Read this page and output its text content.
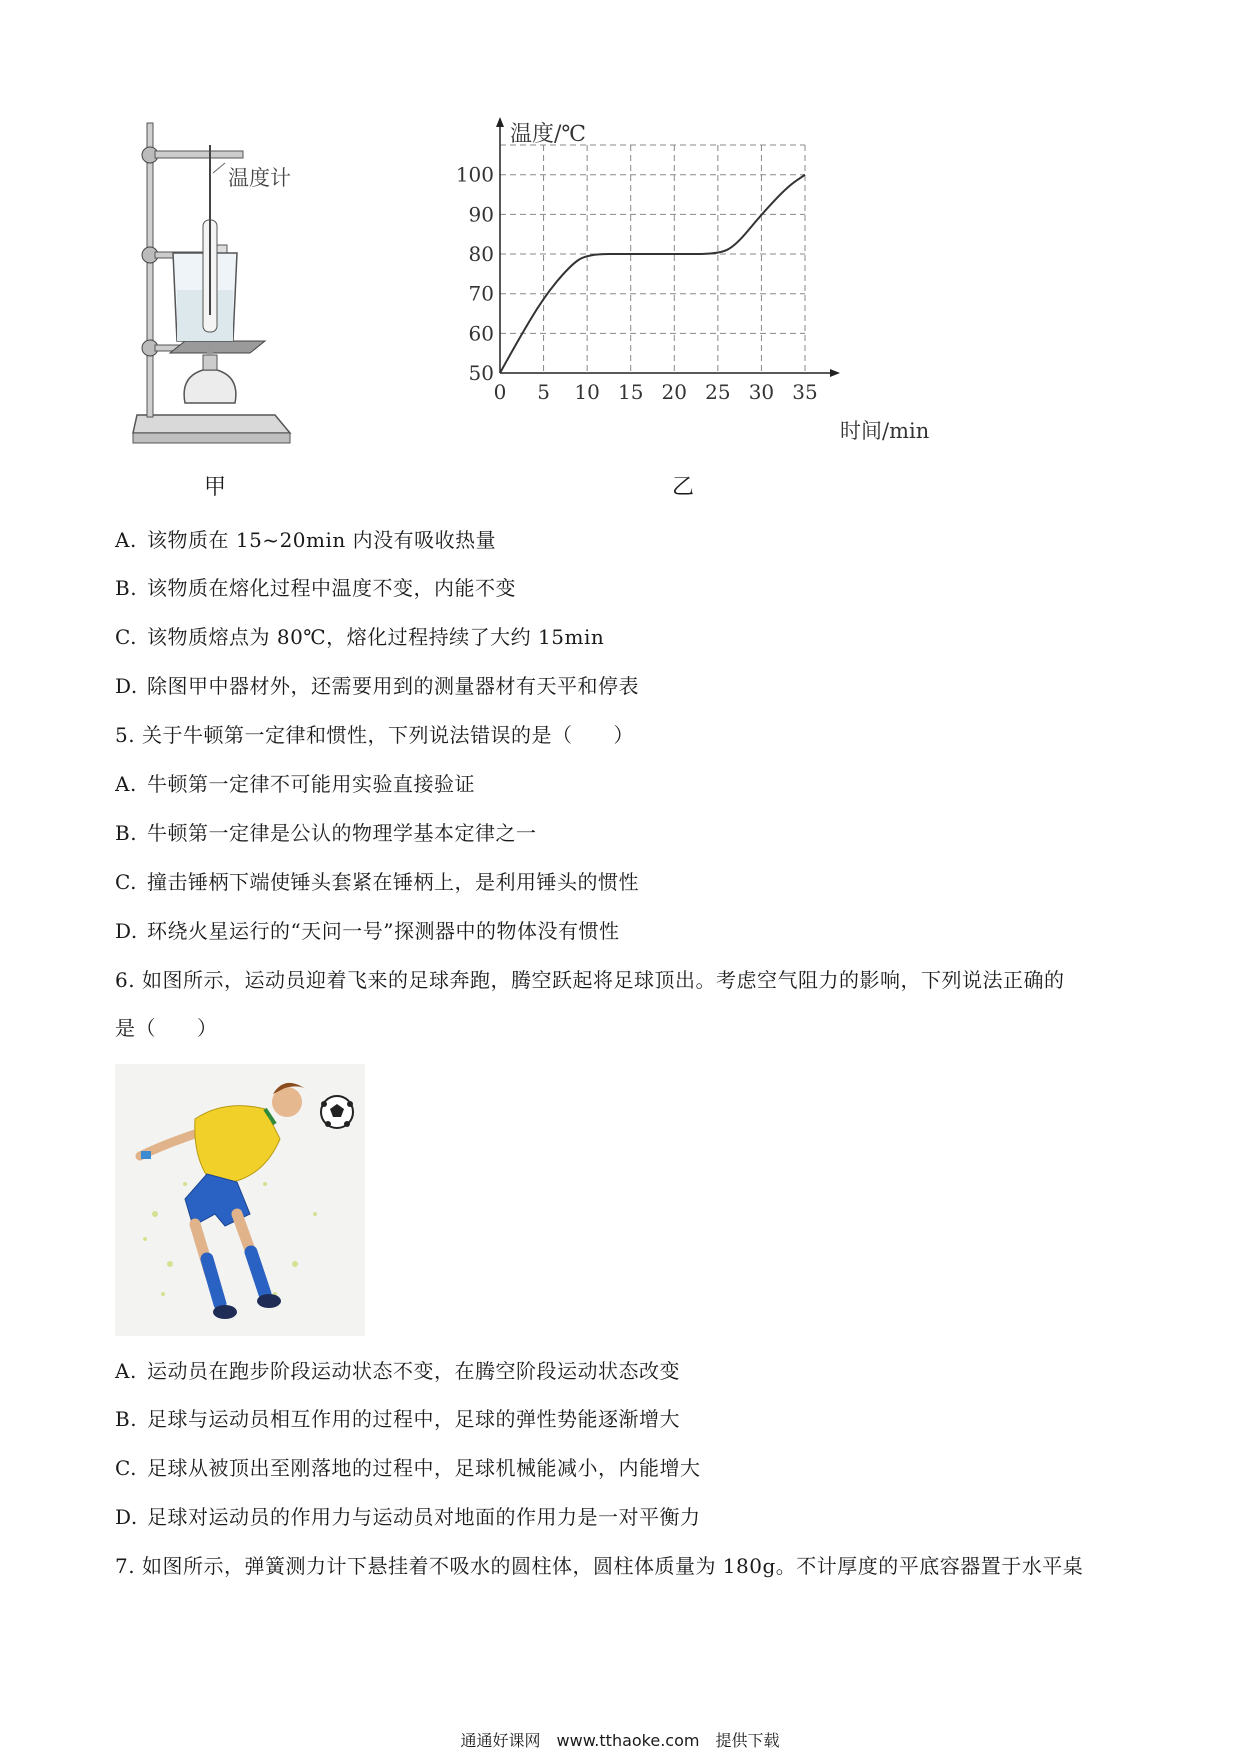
温度计
甲
0 5 10 15 20 25 30 35
50
60
70
80
90
100
温度/℃
时间/min
乙
A. 该物质在 15~20min 内没有吸收热量
B. 该物质在熔化过程中温度不变，内能不变
C. 该物质熔点为 80℃，熔化过程持续了大约 15min
D. 除图甲中器材外，还需要用到的测量器材有天平和停表
5. 关于牛顿第一定律和惯性，下列说法错误的是（　　）
A. 牛顿第一定律不可能用实验直接验证
B. 牛顿第一定律是公认的物理学基本定律之一
C. 撞击锤柄下端使锤头套紧在锤柄上，是利用锤头的惯性
D. 环绕火星运行的“天问一号”探测器中的物体没有惯性
6. 如图所示，运动员迎着飞来的足球奔跑，腾空跃起将足球顶出。考虑空气阻力的影响，下列说法正确的
是（　　）
A. 运动员在跑步阶段运动状态不变，在腾空阶段运动状态改变
B. 足球与运动员相互作用的过程中，足球的弹性势能逐渐增大
C. 足球从被顶出至刚落地的过程中，足球机械能减小，内能增大
D. 足球对运动员的作用力与运动员对地面的作用力是一对平衡力
7. 如图所示，弹簧测力计下悬挂着不吸水的圆柱体，圆柱体质量为 180g。不计厚度的平底容器置于水平桌
通通好课网　www.tthaoke.com　提供下载
